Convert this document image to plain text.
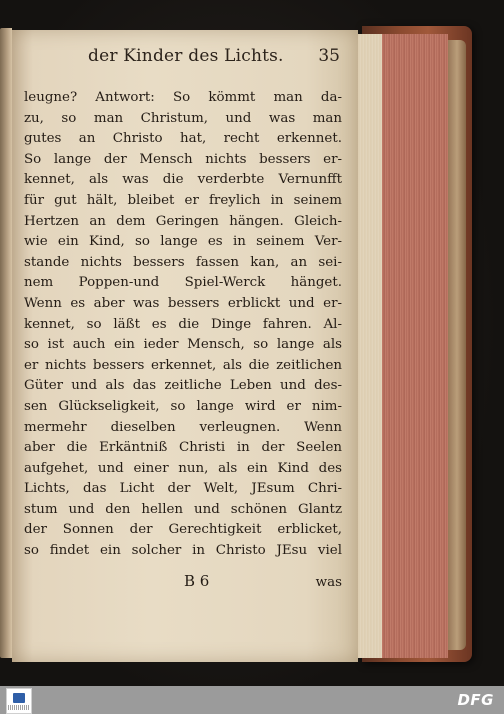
der Kinder des Lichts. 35
leugne? Antwort: So kömmt man da-
zu, so man Christum, und was man
gutes an Christo hat, recht erkennet.
So lange der Mensch nichts bessers er-
kennet, als was die verderbte Vernunfft
für gut hält, bleibet er freylich in seinem
Hertzen an dem Geringen hängen. Gleich-
wie ein Kind, so lange es in seinem Ver-
stande nichts bessers fassen kan, an sei-
nem Poppen-und Spiel-Werck hänget.
Wenn es aber was bessers erblickt und er-
kennet, so läßt es die Dinge fahren. Al-
so ist auch ein ieder Mensch, so lange als
er nichts bessers erkennet, als die zeitlichen
Güter und als das zeitliche Leben und des-
sen Glückseligkeit, so lange wird er nim-
mermehr dieselben verleugnen. Wenn
aber die Erkäntniß Christi in der Seelen
aufgehet, und einer nun, als ein Kind des
Lichts, das Licht der Welt, JEsum Chri-
stum und den hellen und schönen Glantz
der Sonnen der Gerechtigkeit erblicket,
so findet ein solcher in Christo JEsu viel
B 6	was
DFG
